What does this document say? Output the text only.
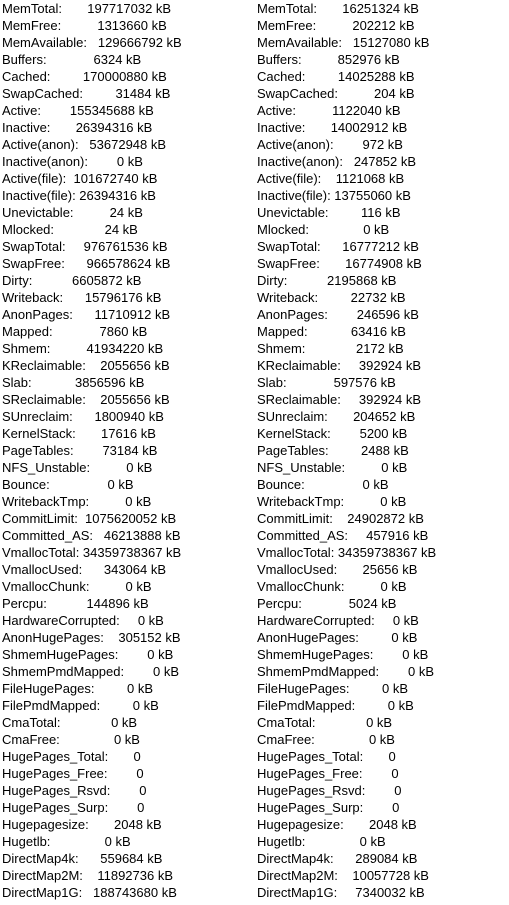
MemTotal:       197717032 kB
MemFree:          1313660 kB
MemAvailable:   129666792 kB
Buffers:             6324 kB
Cached:         170000880 kB
SwapCached:         31484 kB
Active:        155345688 kB
Inactive:       26394316 kB
Active(anon):   53672948 kB
Inactive(anon):        0 kB
Active(file):  101672740 kB
Inactive(file): 26394316 kB
Unevictable:          24 kB
Mlocked:              24 kB
SwapTotal:     976761536 kB
SwapFree:      966578624 kB
Dirty:           6605872 kB
Writeback:      15796176 kB
AnonPages:      11710912 kB
Mapped:             7860 kB
Shmem:          41934220 kB
KReclaimable:    2055656 kB
Slab:            3856596 kB
SReclaimable:    2055656 kB
SUnreclaim:      1800940 kB
KernelStack:       17616 kB
PageTables:        73184 kB
NFS_Unstable:          0 kB
Bounce:                0 kB
WritebackTmp:          0 kB
CommitLimit:  1075620052 kB
Committed_AS:   46213888 kB
VmallocTotal: 34359738367 kB
VmallocUsed:      343064 kB
VmallocChunk:          0 kB
Percpu:           144896 kB
HardwareCorrupted:     0 kB
AnonHugePages:    305152 kB
ShmemHugePages:        0 kB
ShmemPmdMapped:        0 kB
FileHugePages:         0 kB
FilePmdMapped:         0 kB
CmaTotal:              0 kB
CmaFree:               0 kB
HugePages_Total:       0
HugePages_Free:        0
HugePages_Rsvd:        0
HugePages_Surp:        0
Hugepagesize:       2048 kB
Hugetlb:               0 kB
DirectMap4k:      559684 kB
DirectMap2M:    11892736 kB
DirectMap1G:   188743680 kB
MemTotal:       16251324 kB
MemFree:          202212 kB
MemAvailable:   15127080 kB
Buffers:          852976 kB
Cached:         14025288 kB
SwapCached:          204 kB
Active:          1122040 kB
Inactive:       14002912 kB
Active(anon):        972 kB
Inactive(anon):   247852 kB
Active(file):    1121068 kB
Inactive(file): 13755060 kB
Unevictable:         116 kB
Mlocked:               0 kB
SwapTotal:      16777212 kB
SwapFree:       16774908 kB
Dirty:           2195868 kB
Writeback:         22732 kB
AnonPages:        246596 kB
Mapped:            63416 kB
Shmem:              2172 kB
KReclaimable:     392924 kB
Slab:             597576 kB
SReclaimable:     392924 kB
SUnreclaim:       204652 kB
KernelStack:        5200 kB
PageTables:         2488 kB
NFS_Unstable:          0 kB
Bounce:                0 kB
WritebackTmp:          0 kB
CommitLimit:    24902872 kB
Committed_AS:     457916 kB
VmallocTotal: 34359738367 kB
VmallocUsed:       25656 kB
VmallocChunk:          0 kB
Percpu:             5024 kB
HardwareCorrupted:     0 kB
AnonHugePages:         0 kB
ShmemHugePages:        0 kB
ShmemPmdMapped:        0 kB
FileHugePages:         0 kB
FilePmdMapped:         0 kB
CmaTotal:              0 kB
CmaFree:               0 kB
HugePages_Total:       0
HugePages_Free:        0
HugePages_Rsvd:        0
HugePages_Surp:        0
Hugepagesize:       2048 kB
Hugetlb:               0 kB
DirectMap4k:      289084 kB
DirectMap2M:    10057728 kB
DirectMap1G:     7340032 kB
